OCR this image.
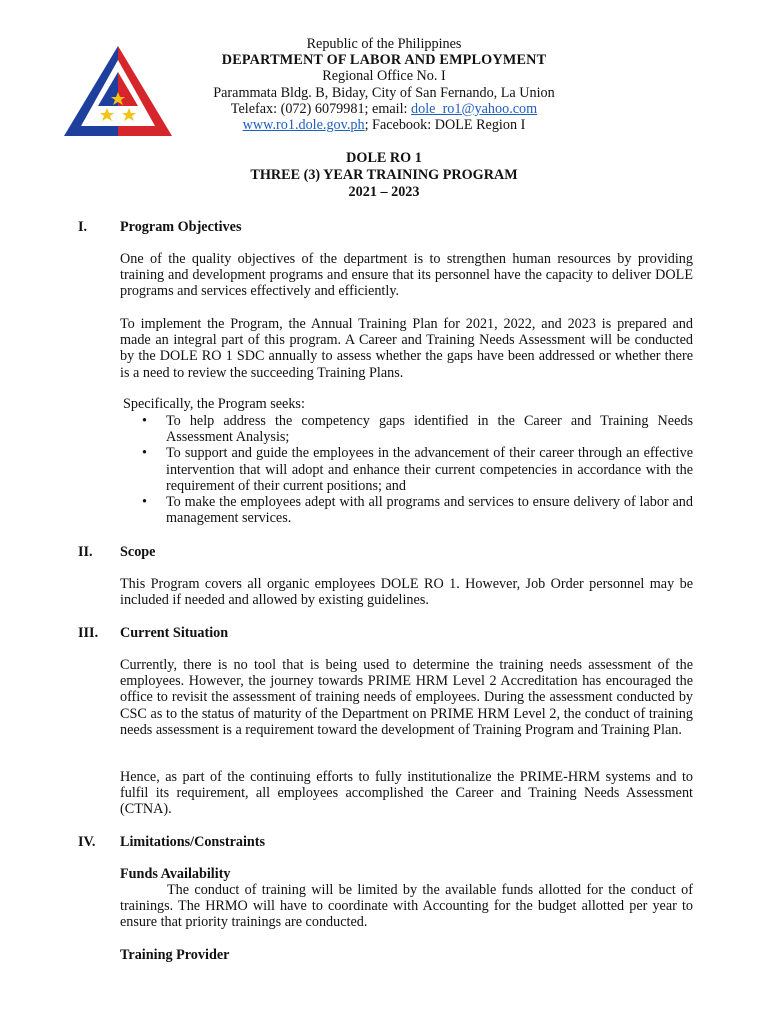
Republic of the Philippines
DEPARTMENT OF LABOR AND EMPLOYMENT
Regional Office No. I
Parammata Bldg. B, Biday, City of San Fernando, La Union
Telefax: (072) 6079981; email: dole_ro1@yahoo.com
www.ro1.dole.gov.ph; Facebook: DOLE Region I
DOLE RO 1
THREE (3) YEAR TRAINING PROGRAM
2021 – 2023
I. Program Objectives
One of the quality objectives of the department is to strengthen human resources by providing training and development programs and ensure that its personnel have the capacity to deliver DOLE programs and services effectively and efficiently.
To implement the Program, the Annual Training Plan for 2021, 2022, and 2023 is prepared and made an integral part of this program. A Career and Training Needs Assessment will be conducted by the DOLE RO 1 SDC annually to assess whether the gaps have been addressed or whether there is a need to review the succeeding Training Plans.
Specifically, the Program seeks:
• To help address the competency gaps identified in the Career and Training Needs Assessment Analysis;
• To support and guide the employees in the advancement of their career through an effective intervention that will adopt and enhance their current competencies in accordance with the requirement of their current positions; and
• To make the employees adept with all programs and services to ensure delivery of labor and management services.
II. Scope
This Program covers all organic employees DOLE RO 1. However, Job Order personnel may be included if needed and allowed by existing guidelines.
III. Current Situation
Currently, there is no tool that is being used to determine the training needs assessment of the employees. However, the journey towards PRIME HRM Level 2 Accreditation has encouraged the office to revisit the assessment of training needs of employees. During the assessment conducted by CSC as to the status of maturity of the Department on PRIME HRM Level 2, the conduct of training needs assessment is a requirement toward the development of Training Program and Training Plan.
Hence, as part of the continuing efforts to fully institutionalize the PRIME-HRM systems and to fulfil its requirement, all employees accomplished the Career and Training Needs Assessment (CTNA).
IV. Limitations/Constraints
Funds Availability
The conduct of training will be limited by the available funds allotted for the conduct of trainings. The HRMO will have to coordinate with Accounting for the budget allotted per year to ensure that priority trainings are conducted.
Training Provider
